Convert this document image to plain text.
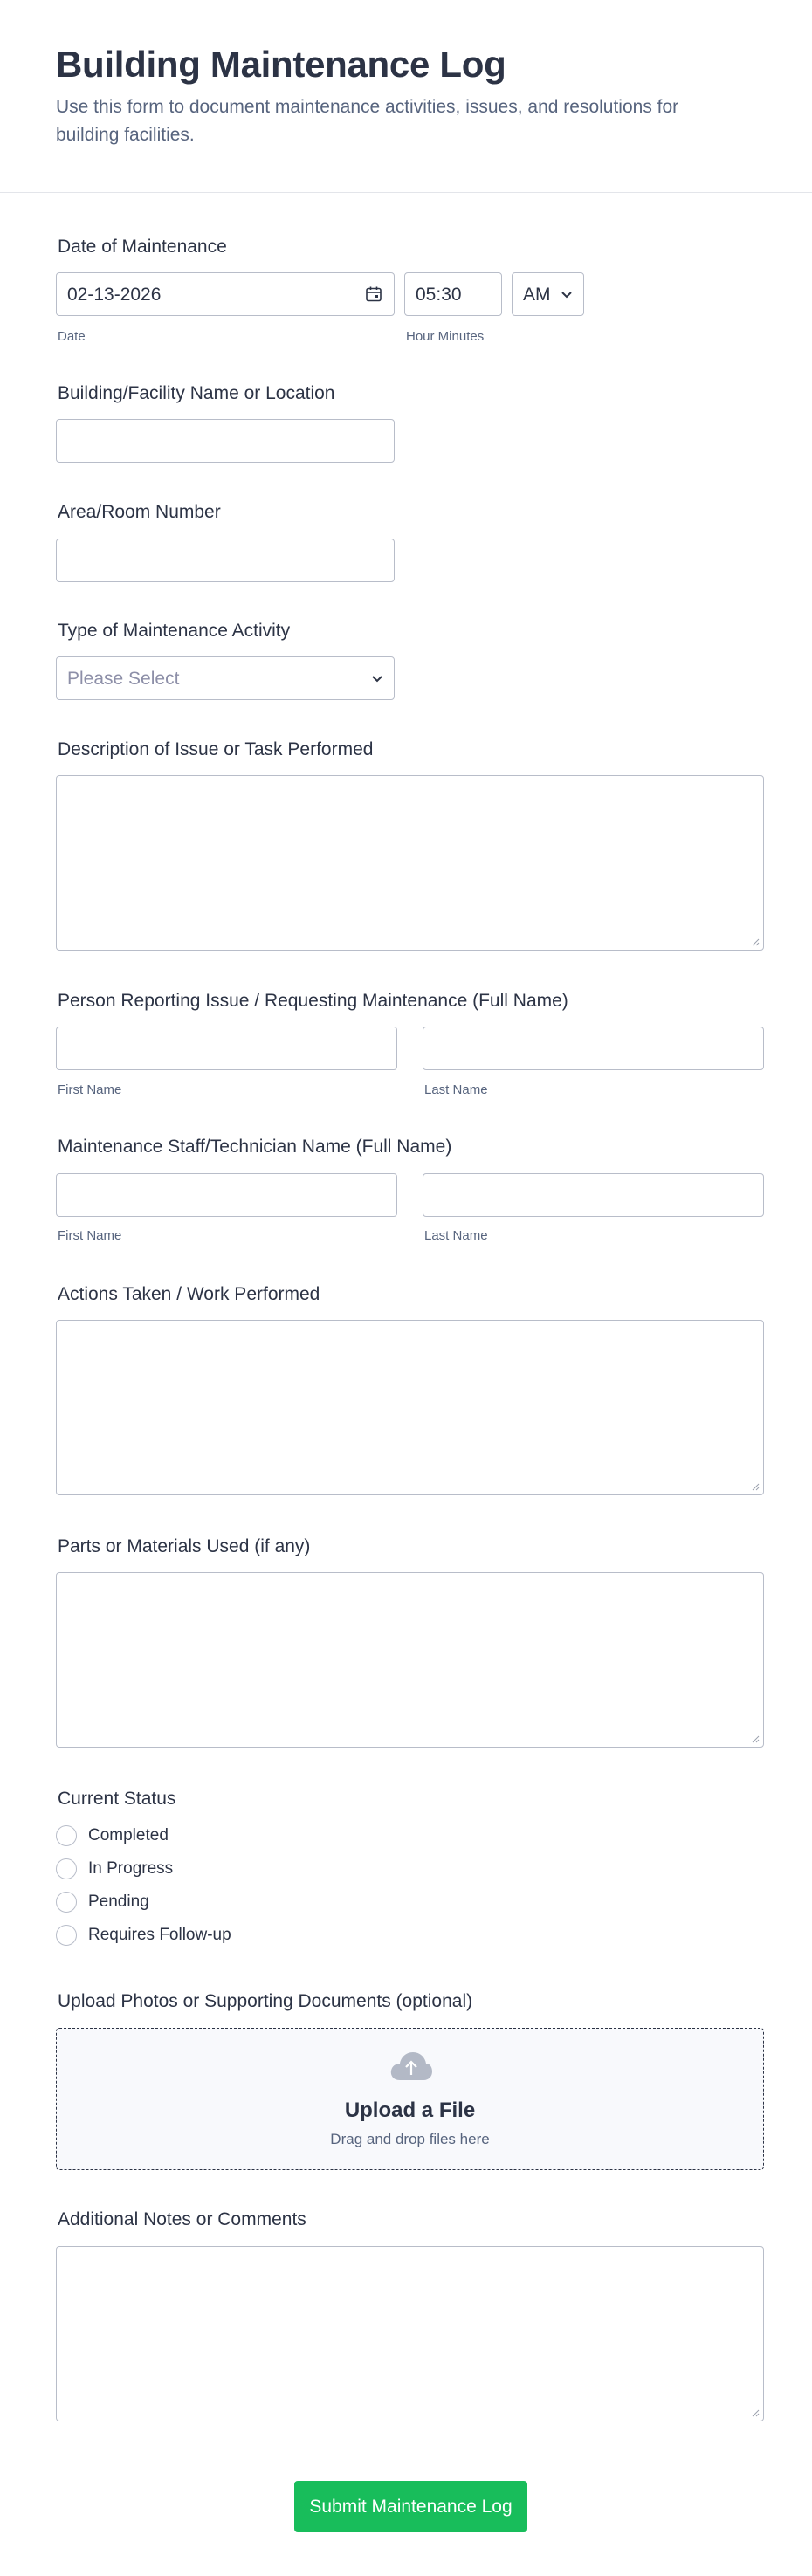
Building Maintenance Log

Use this form to document maintenance activities, issues, and resolutions for building facilities.

Date of Maintenance
02-13-2026
Date
05:30	AM
Hour Minutes
Building/Facility Name or Location
Area/Room Number
Type of Maintenance Activity
Please Select
Description of Issue or Task Performed
Person Reporting Issue / Requesting Maintenance (Full Name)
First Name	Last Name
Maintenance Staff/Technician Name (Full Name)
First Name	Last Name
Actions Taken / Work Performed
Parts or Materials Used (if any)
Current Status
Completed
In Progress
Pending
Requires Follow-up
Upload Photos or Supporting Documents (optional)
Upload a File
Drag and drop files here
Additional Notes or Comments
Submit Maintenance Log
